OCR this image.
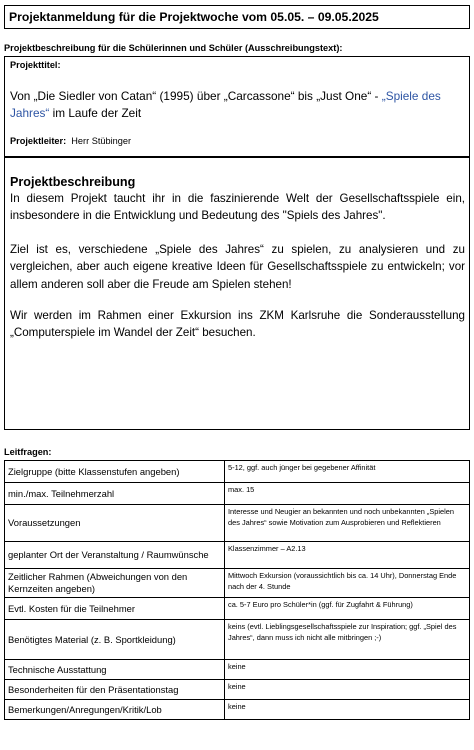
Projektanmeldung für die Projektwoche vom 05.05. – 09.05.2025
Projektbeschreibung für die Schülerinnen und Schüler (Ausschreibungstext):
Projekttitel:
Von „Die Siedler von Catan“ (1995) über „Carcassone“ bis „Just One“ - „Spiele des Jahres“ im Laufe der Zeit
Projektleiter: Herr Stübinger
Projektbeschreibung

In diesem Projekt taucht ihr in die faszinierende Welt der Gesellschaftsspiele ein, insbesondere in die Entwicklung und Bedeutung des "Spiels des Jahres".

Ziel ist es, verschiedene „Spiele des Jahres“ zu spielen, zu analysieren und zu vergleichen, aber auch eigene kreative Ideen für Gesellschaftsspiele zu entwickeln; vor allem anderen soll aber die Freude am Spielen stehen!

Wir werden im Rahmen einer Exkursion ins ZKM Karlsruhe die Sonderausstellung „Computerspiele im Wandel der Zeit“ besuchen.

Leitfragen:
Zielgruppe (bitte Klassenstufen angeben)	5-12, ggf. auch jünger bei gegebener Affinität
min./max. Teilnehmerzahl	max. 15
Voraussetzungen	Interesse und Neugier an bekannten und noch unbekannten „Spielen des Jahres“ sowie Motivation zum Ausprobieren und Reflektieren
geplanter Ort der Veranstaltung / Raumwünsche	Klassenzimmer – A2.13
Zeitlicher Rahmen (Abweichungen von den Kernzeiten angeben)	Mittwoch Exkursion (voraussichtlich bis ca. 14 Uhr), Donnerstag Ende nach der 4. Stunde
Evtl. Kosten für die Teilnehmer	ca. 5-7 Euro pro Schüler*in (ggf. für Zugfahrt & Führung)
Benötigtes Material (z. B. Sportkleidung)	keins (evtl. Lieblingsgesellschaftsspiele zur Inspiration; ggf. „Spiel des Jahres“, dann muss ich nicht alle mitbringen ;-)
Technische Ausstattung	keine
Besonderheiten für den Präsentationstag	keine
Bemerkungen/Anregungen/Kritik/Lob	keine
